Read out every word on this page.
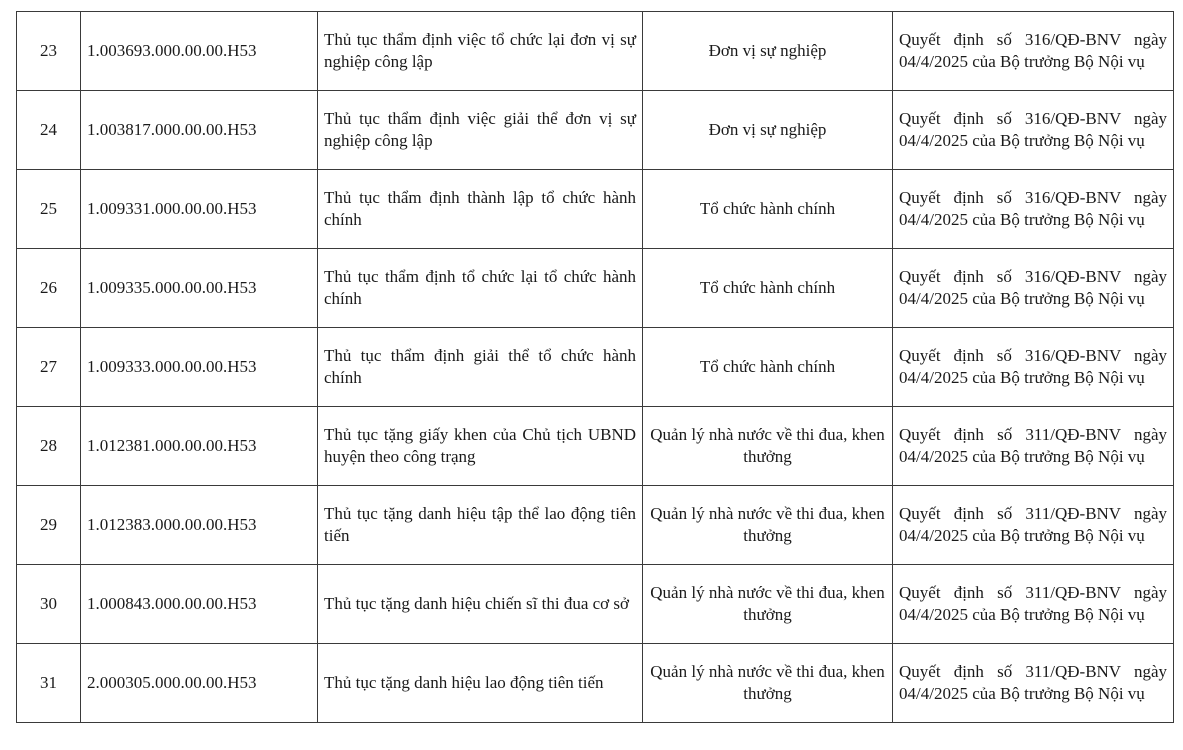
23	1.003693.000.00.00.H53	Thủ tục thẩm định việc tổ chức lại đơn vị sự nghiệp công lập	Đơn vị sự nghiệp	Quyết định số 316/QĐ-BNV ngày 04/4/2025 của Bộ trưởng Bộ Nội vụ
24	1.003817.000.00.00.H53	Thủ tục thẩm định việc giải thể đơn vị sự nghiệp công lập	Đơn vị sự nghiệp	Quyết định số 316/QĐ-BNV ngày 04/4/2025 của Bộ trưởng Bộ Nội vụ
25	1.009331.000.00.00.H53	Thủ tục thẩm định thành lập tổ chức hành chính	Tổ chức hành chính	Quyết định số 316/QĐ-BNV ngày 04/4/2025 của Bộ trưởng Bộ Nội vụ
26	1.009335.000.00.00.H53	Thủ tục thẩm định tổ chức lại tổ chức hành chính	Tổ chức hành chính	Quyết định số 316/QĐ-BNV ngày 04/4/2025 của Bộ trưởng Bộ Nội vụ
27	1.009333.000.00.00.H53	Thủ tục thẩm định giải thể tổ chức hành chính	Tổ chức hành chính	Quyết định số 316/QĐ-BNV ngày 04/4/2025 của Bộ trưởng Bộ Nội vụ
28	1.012381.000.00.00.H53	Thủ tục tặng giấy khen của Chủ tịch UBND huyện theo công trạng	Quản lý nhà nước về thi đua, khen thưởng	Quyết định số 311/QĐ-BNV ngày 04/4/2025 của Bộ trưởng Bộ Nội vụ
29	1.012383.000.00.00.H53	Thủ tục tặng danh hiệu tập thể lao động tiên tiến	Quản lý nhà nước về thi đua, khen thưởng	Quyết định số 311/QĐ-BNV ngày 04/4/2025 của Bộ trưởng Bộ Nội vụ
30	1.000843.000.00.00.H53	Thủ tục tặng danh hiệu chiến sĩ thi đua cơ sở	Quản lý nhà nước về thi đua, khen thưởng	Quyết định số 311/QĐ-BNV ngày 04/4/2025 của Bộ trưởng Bộ Nội vụ
31	2.000305.000.00.00.H53	Thủ tục tặng danh hiệu lao động tiên tiến	Quản lý nhà nước về thi đua, khen thưởng	Quyết định số 311/QĐ-BNV ngày 04/4/2025 của Bộ trưởng Bộ Nội vụ
